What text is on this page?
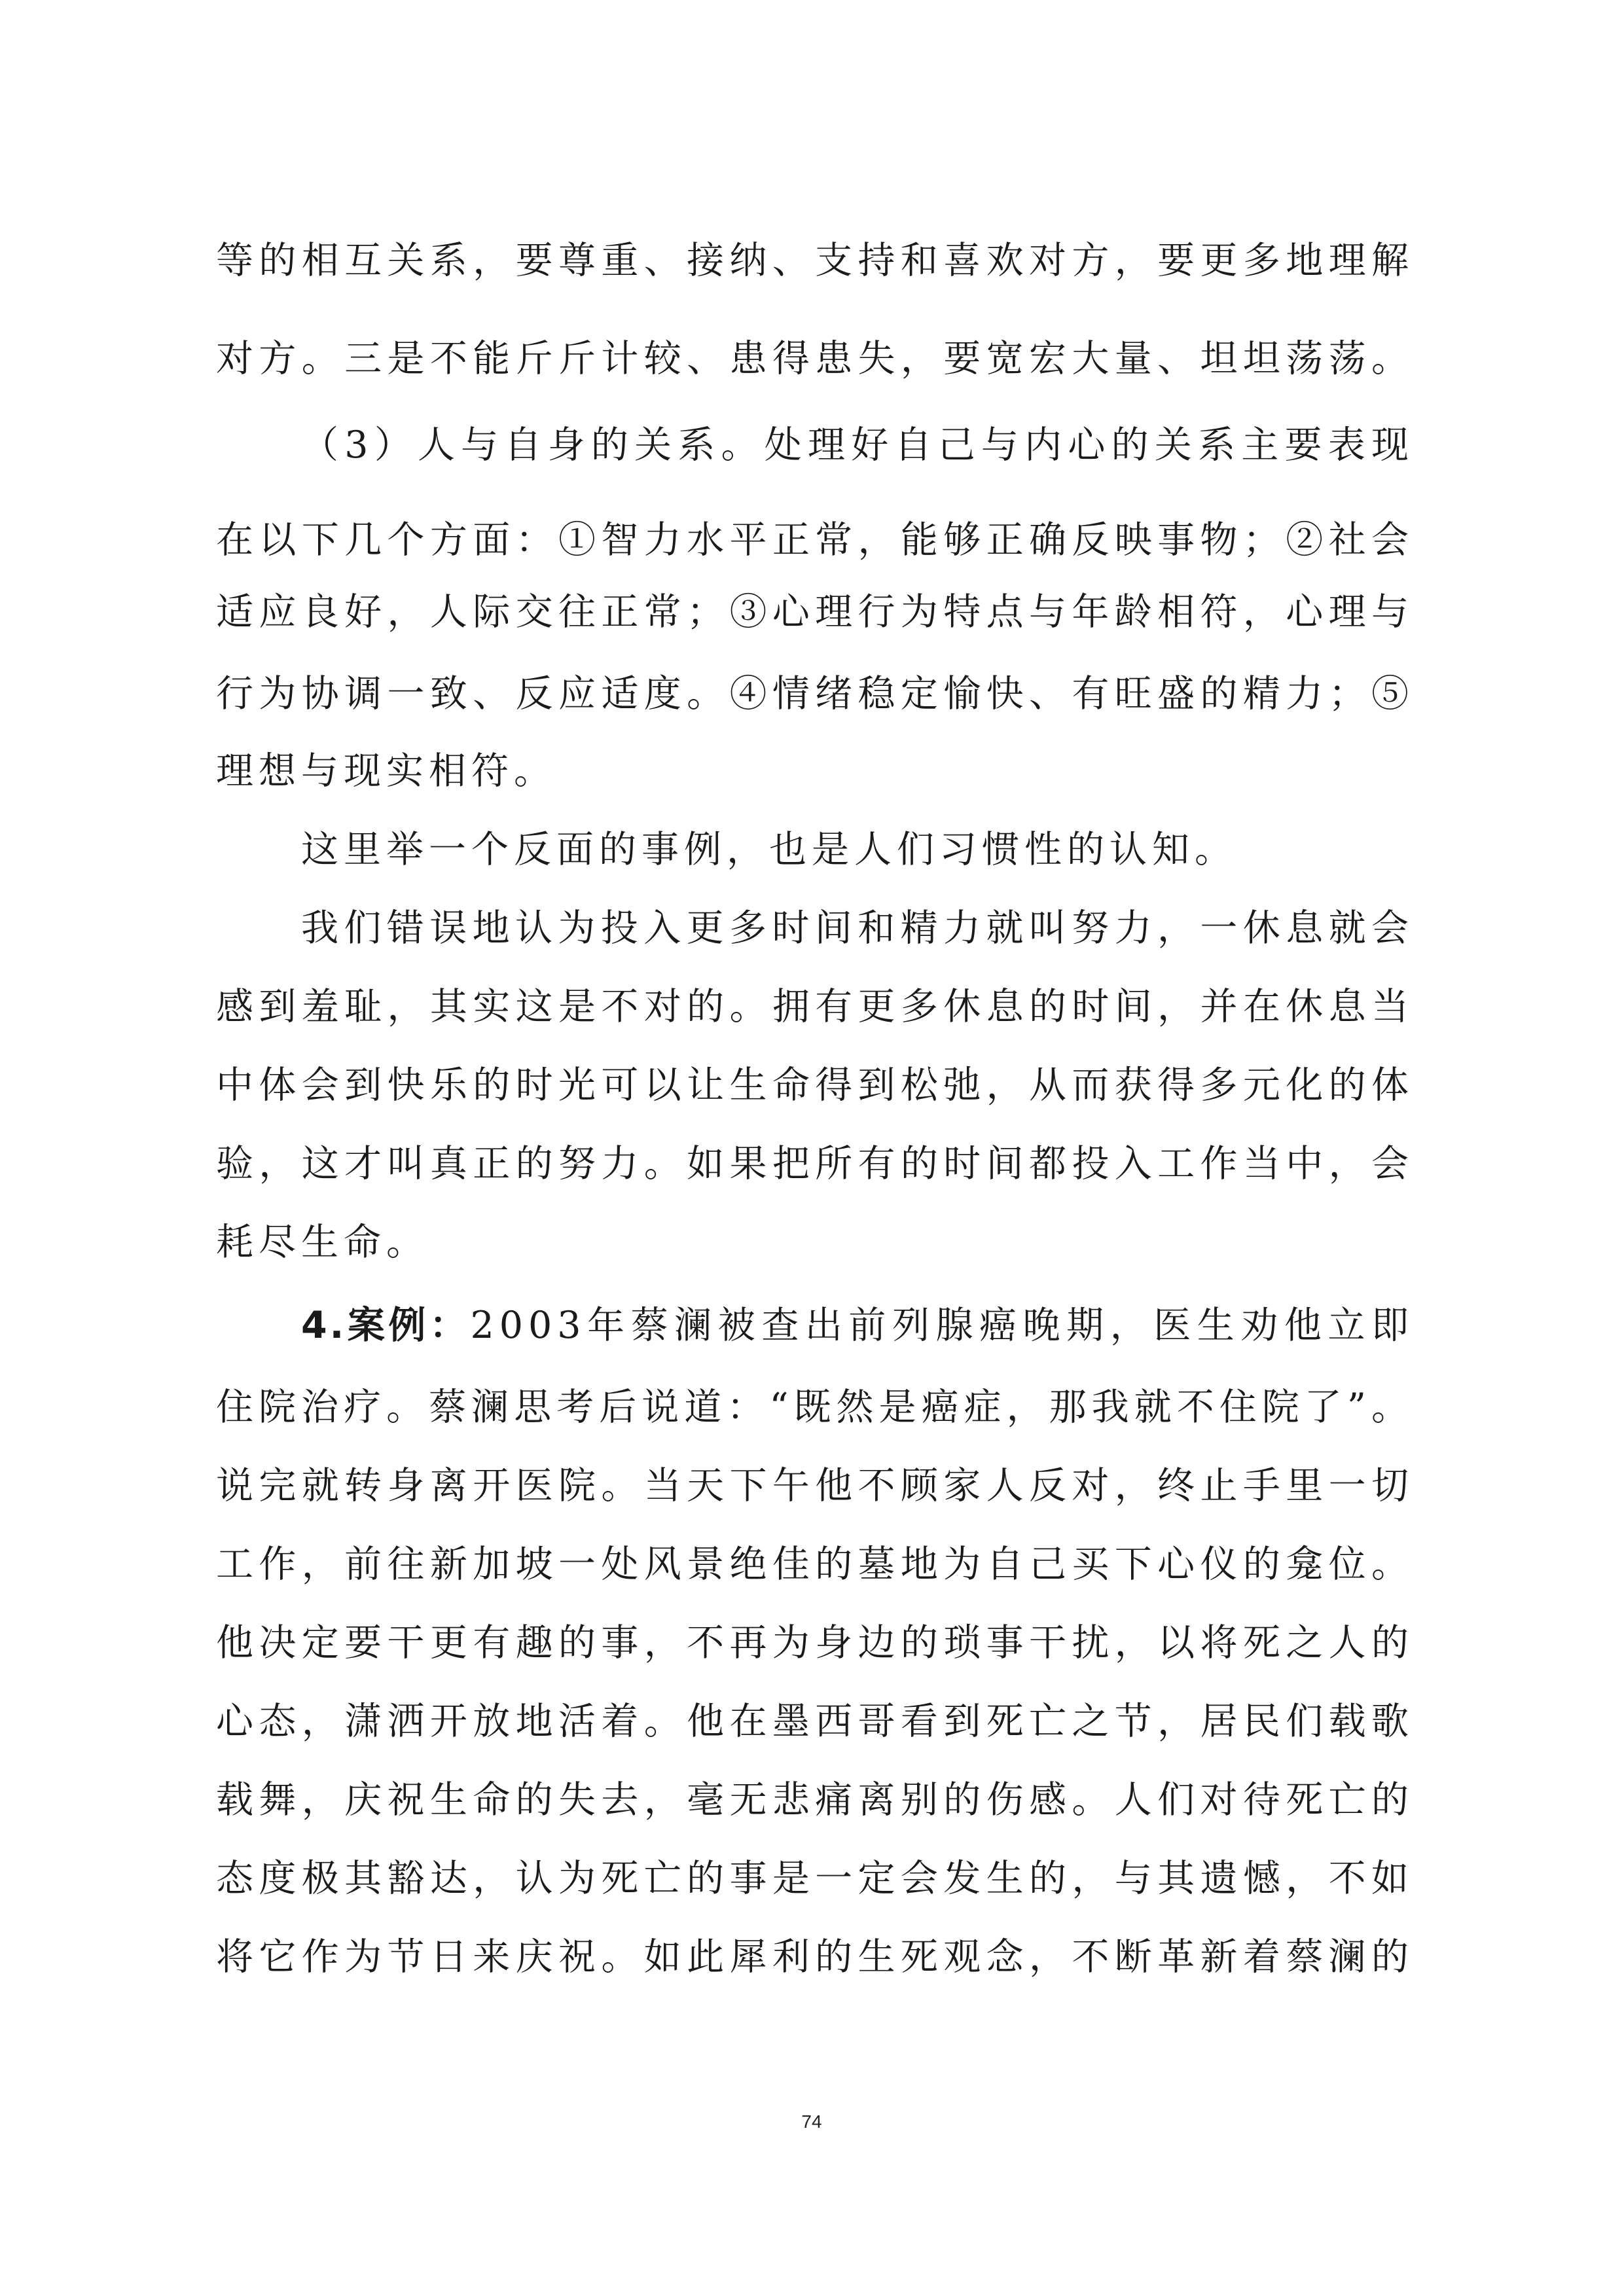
等的相互关系，要尊重、接纳、支持和喜欢对方，要更多地理解
对方。三是不能斤斤计较、患得患失，要宽宏大量、坦坦荡荡。
（3）人与自身的关系。处理好自己与内心的关系主要表现
在以下几个方面：①智力水平正常，能够正确反映事物；②社会
适应良好，人际交往正常；③心理行为特点与年龄相符，心理与
行为协调一致、反应适度。④情绪稳定愉快、有旺盛的精力；⑤
理想与现实相符。
这里举一个反面的事例，也是人们习惯性的认知。
我们错误地认为投入更多时间和精力就叫努力，一休息就会
感到羞耻，其实这是不对的。拥有更多休息的时间，并在休息当
中体会到快乐的时光可以让生命得到松弛，从而获得多元化的体
验，这才叫真正的努力。如果把所有的时间都投入工作当中，会
耗尽生命。
4.案例：2003年蔡澜被查出前列腺癌晚期，医生劝他立即
住院治疗。蔡澜思考后说道：“既然是癌症，那我就不住院了”。
说完就转身离开医院。当天下午他不顾家人反对，终止手里一切
工作，前往新加坡一处风景绝佳的墓地为自己买下心仪的龛位。
他决定要干更有趣的事，不再为身边的琐事干扰，以将死之人的
心态，潇洒开放地活着。他在墨西哥看到死亡之节，居民们载歌
载舞，庆祝生命的失去，毫无悲痛离别的伤感。人们对待死亡的
态度极其豁达，认为死亡的事是一定会发生的，与其遗憾，不如
将它作为节日来庆祝。如此犀利的生死观念，不断革新着蔡澜的
74
